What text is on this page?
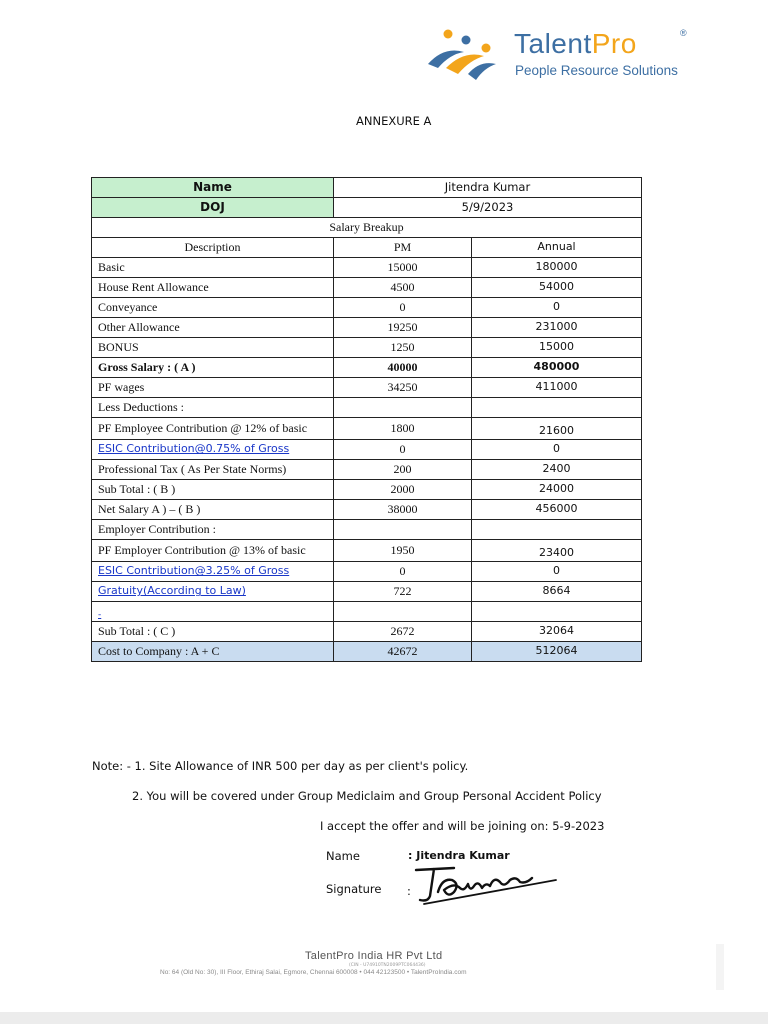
TalentPro	®
People Resource Solutions
ANNEXURE A
Name	Jitendra Kumar	
DOJ	5/9/2023	
Salary Breakup		
Description	PM	Annual
Basic	15000	180000
House Rent Allowance	4500	54000
Conveyance	0	0
Other Allowance	19250	231000
BONUS	1250	15000
Gross Salary : ( A )	40000	480000
PF wages	34250	411000
Less Deductions :		
PF Employee Contribution @ 12% of basic	1800	21600
ESIC Contribution@0.75% of Gross	0	0
Professional Tax ( As Per State Norms)	200	2400
Sub Total : ( B )	2000	24000
Net Salary A ) – ( B )	38000	456000
Employer Contribution :		
PF Employer Contribution @ 13% of basic	1950	23400
ESIC Contribution@3.25% of Gross	0	0
Gratuity(According to Law)	722	8664
-		
Sub Total : ( C )	2672	32064
Cost to Company : A + C	42672	512064
Note: - 1. Site Allowance of INR 500 per day as per client's policy.
2. You will be covered under Group Mediclaim and Group Personal Accident Policy
I accept the offer and will be joining on: 5-9-2023
Name	: Jitendra Kumar
Signature :
TalentPro India HR Pvt Ltd
(CIN - U74910TN2009PTC064436)
No: 64 (Old No: 30), III Floor, Ethiraj Salai, Egmore, Chennai 600008 • 044 42123500 • TalentProIndia.com
